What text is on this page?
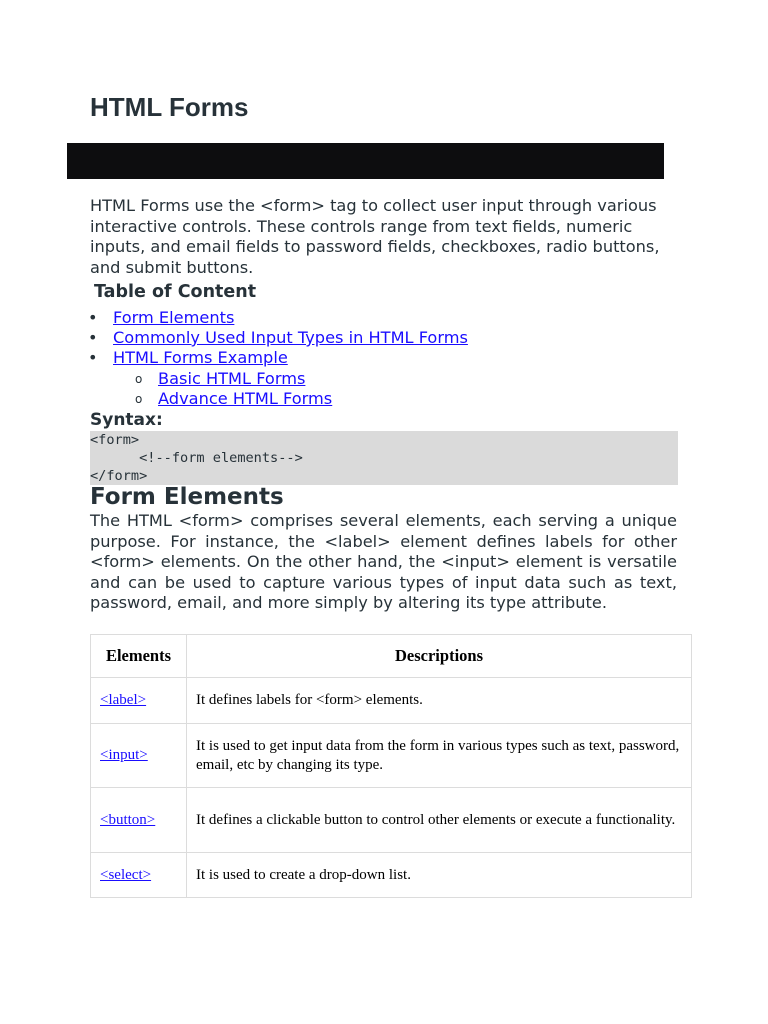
HTML Forms

HTML Forms use the <form> tag to collect user input through various interactive controls. These controls range from text fields, numeric inputs, and email fields to password fields, checkboxes, radio buttons, and submit buttons.

Table of Content
• Form Elements
• Commonly Used Input Types in HTML Forms
• HTML Forms Example
o Basic HTML Forms
o Advance HTML Forms
Syntax:
<form>
<!--form elements-->
</form>
Form Elements

The HTML <form> comprises several elements, each serving a unique purpose. For instance, the <label> element defines labels for other <form> elements. On the other hand, the <input> element is versatile and can be used to capture various types of input data such as text, password, email, and more simply by altering its type attribute.

Elements	Descriptions
<label>	It defines labels for <form> elements.
<input>	It is used to get input data from the form in various types such as text, password, email, etc by changing its type.
<button>	It defines a clickable button to control other elements or execute a functionality.
<select>	It is used to create a drop-down list.
